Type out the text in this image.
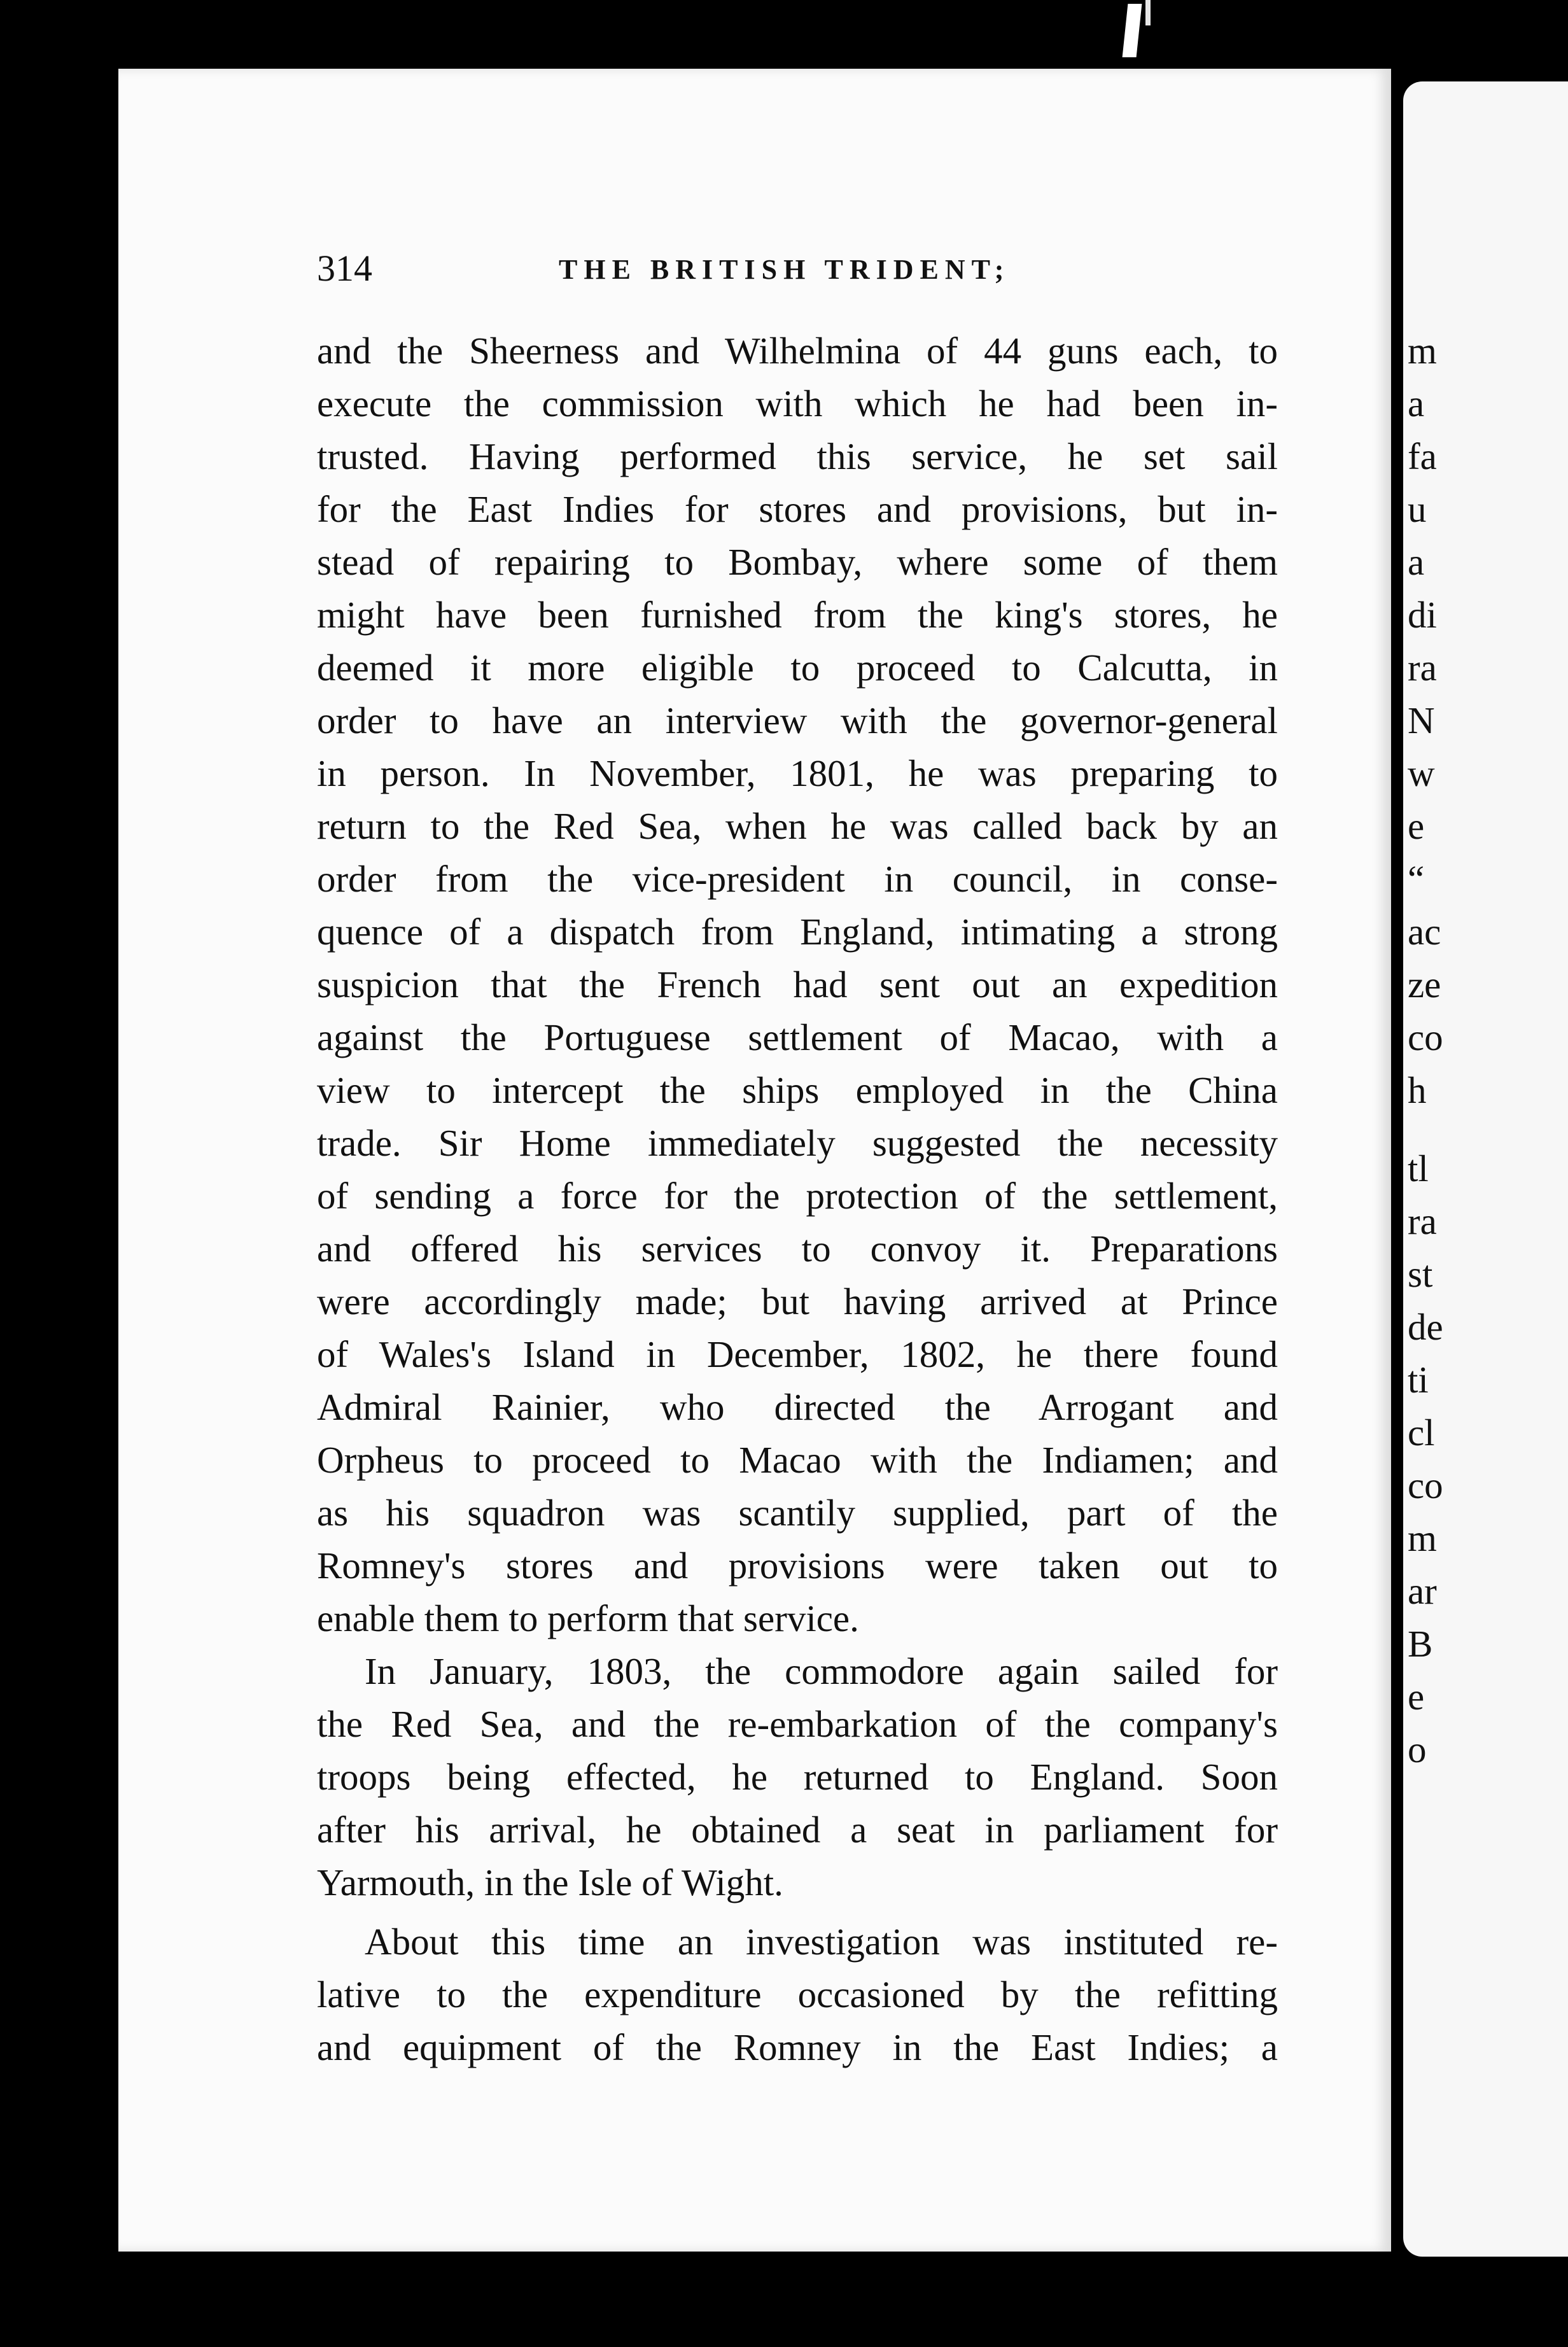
314	THE BRITISH TRIDENT;

and the Sheerness and Wilhelmina of 44 guns each, to

execute the commission with which he had been in-

trusted. Having performed this service, he set sail

for the East Indies for stores and provisions, but in-

stead of repairing to Bombay, where some of them

might have been furnished from the king's stores, he

deemed it more eligible to proceed to Calcutta, in

order to have an interview with the governor-general

in person. In November, 1801, he was preparing to

return to the Red Sea, when he was called back by an

order from the vice-president in council, in conse-

quence of a dispatch from England, intimating a strong

suspicion that the French had sent out an expedition

against the Portuguese settlement of Macao, with a

view to intercept the ships employed in the China

trade. Sir Home immediately suggested the necessity

of sending a force for the protection of the settlement,

and offered his services to convoy it. Preparations

were accordingly made; but having arrived at Prince

of Wales's Island in December, 1802, he there found

Admiral Rainier, who directed the Arrogant and

Orpheus to proceed to Macao with the Indiamen; and

as his squadron was scantily supplied, part of the

Romney's stores and provisions were taken out to

enable them to perform that service.

In January, 1803, the commodore again sailed for

the Red Sea, and the re-embarkation of the company's

troops being effected, he returned to England. Soon

after his arrival, he obtained a seat in parliament for

Yarmouth, in the Isle of Wight.

About this time an investigation was instituted re-

lative to the expenditure occasioned by the refitting

and equipment of the Romney in the East Indies; a

m

a

fa

u

a

di

ra

N

w

e

“

ac

ze

co

h

tl

ra

st

de

ti

cl

co

m

ar

B

e

o
